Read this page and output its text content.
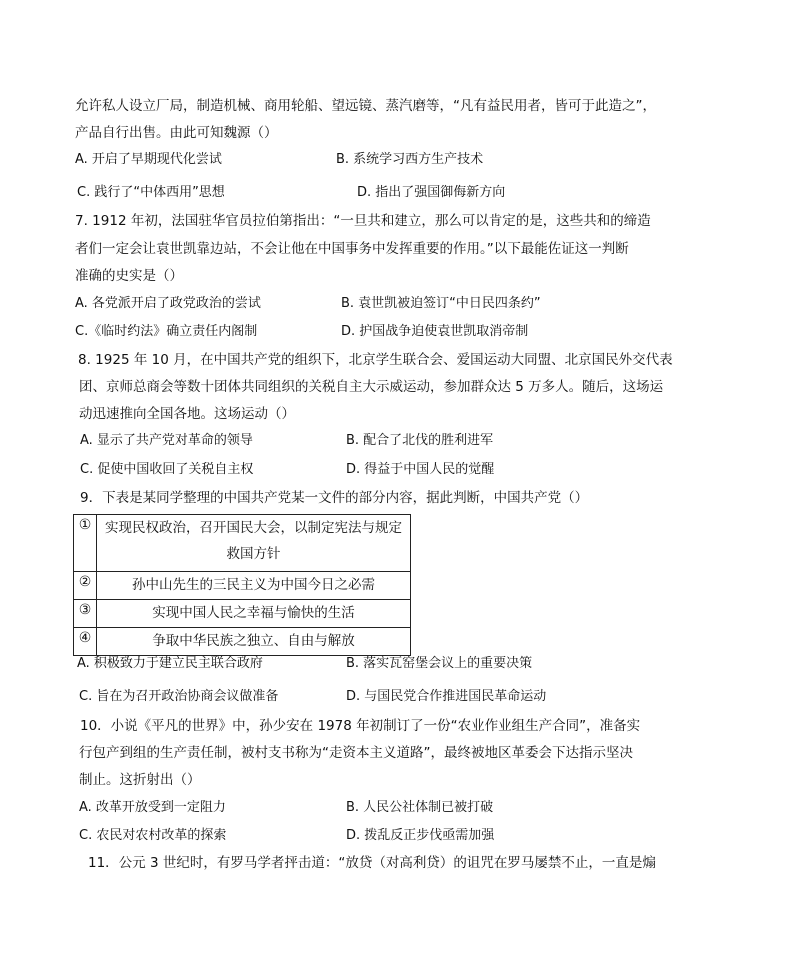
允许私人设立厂局，制造机械、商用轮船、望远镜、蒸汽磨等，“凡有益民用者，皆可于此造之”，
产品自行出售。由此可知魏源（）
A. 开启了早期现代化尝试	B. 系统学习西方生产技术
C. 践行了“中体西用”思想	D. 指出了强国御侮新方向
7. 1912 年初，法国驻华官员拉伯第指出：“一旦共和建立，那么可以肯定的是，这些共和的缔造
者们一定会让袁世凯靠边站，不会让他在中国事务中发挥重要的作用。”以下最能佐证这一判断
准确的史实是（）
A. 各党派开启了政党政治的尝试	B. 袁世凯被迫签订“中日民四条约”
C.《临时约法》确立责任内阁制	D. 护国战争迫使袁世凯取消帝制
8. 1925 年 10 月，在中国共产党的组织下，北京学生联合会、爱国运动大同盟、北京国民外交代表
团、京师总商会等数十团体共同组织的关税自主大示威运动，参加群众达 5 万多人。随后，这场运
动迅速推向全国各地。这场运动（）
A. 显示了共产党对革命的领导	B. 配合了北伐的胜利进军
C. 促使中国收回了关税自主权	D. 得益于中国人民的觉醒
9．下表是某同学整理的中国共产党某一文件的部分内容，据此判断，中国共产党（）
①	实现民权政治，召开国民大会，以制定宪法与规定
救国方针

②	孙中山先生的三民主义为中国今日之必需
③	实现中国人民之幸福与愉快的生活
④	争取中华民族之独立、自由与解放
A. 积极致力于建立民主联合政府	B. 落实瓦窑堡会议上的重要决策
C. 旨在为召开政治协商会议做准备	D. 与国民党合作推进国民革命运动
10．小说《平凡的世界》中，孙少安在 1978 年初制订了一份“农业作业组生产合同”，准备实
行包产到组的生产责任制，被村支书称为“走资本主义道路”，最终被地区革委会下达指示坚决
制止。这折射出（）
A. 改革开放受到一定阻力	B. 人民公社体制已被打破
C. 农民对农村改革的探索	D. 拨乱反正步伐亟需加强
11．公元 3 世纪时，有罗马学者抨击道：“放贷（对高利贷）的诅咒在罗马屡禁不止，一直是煽
